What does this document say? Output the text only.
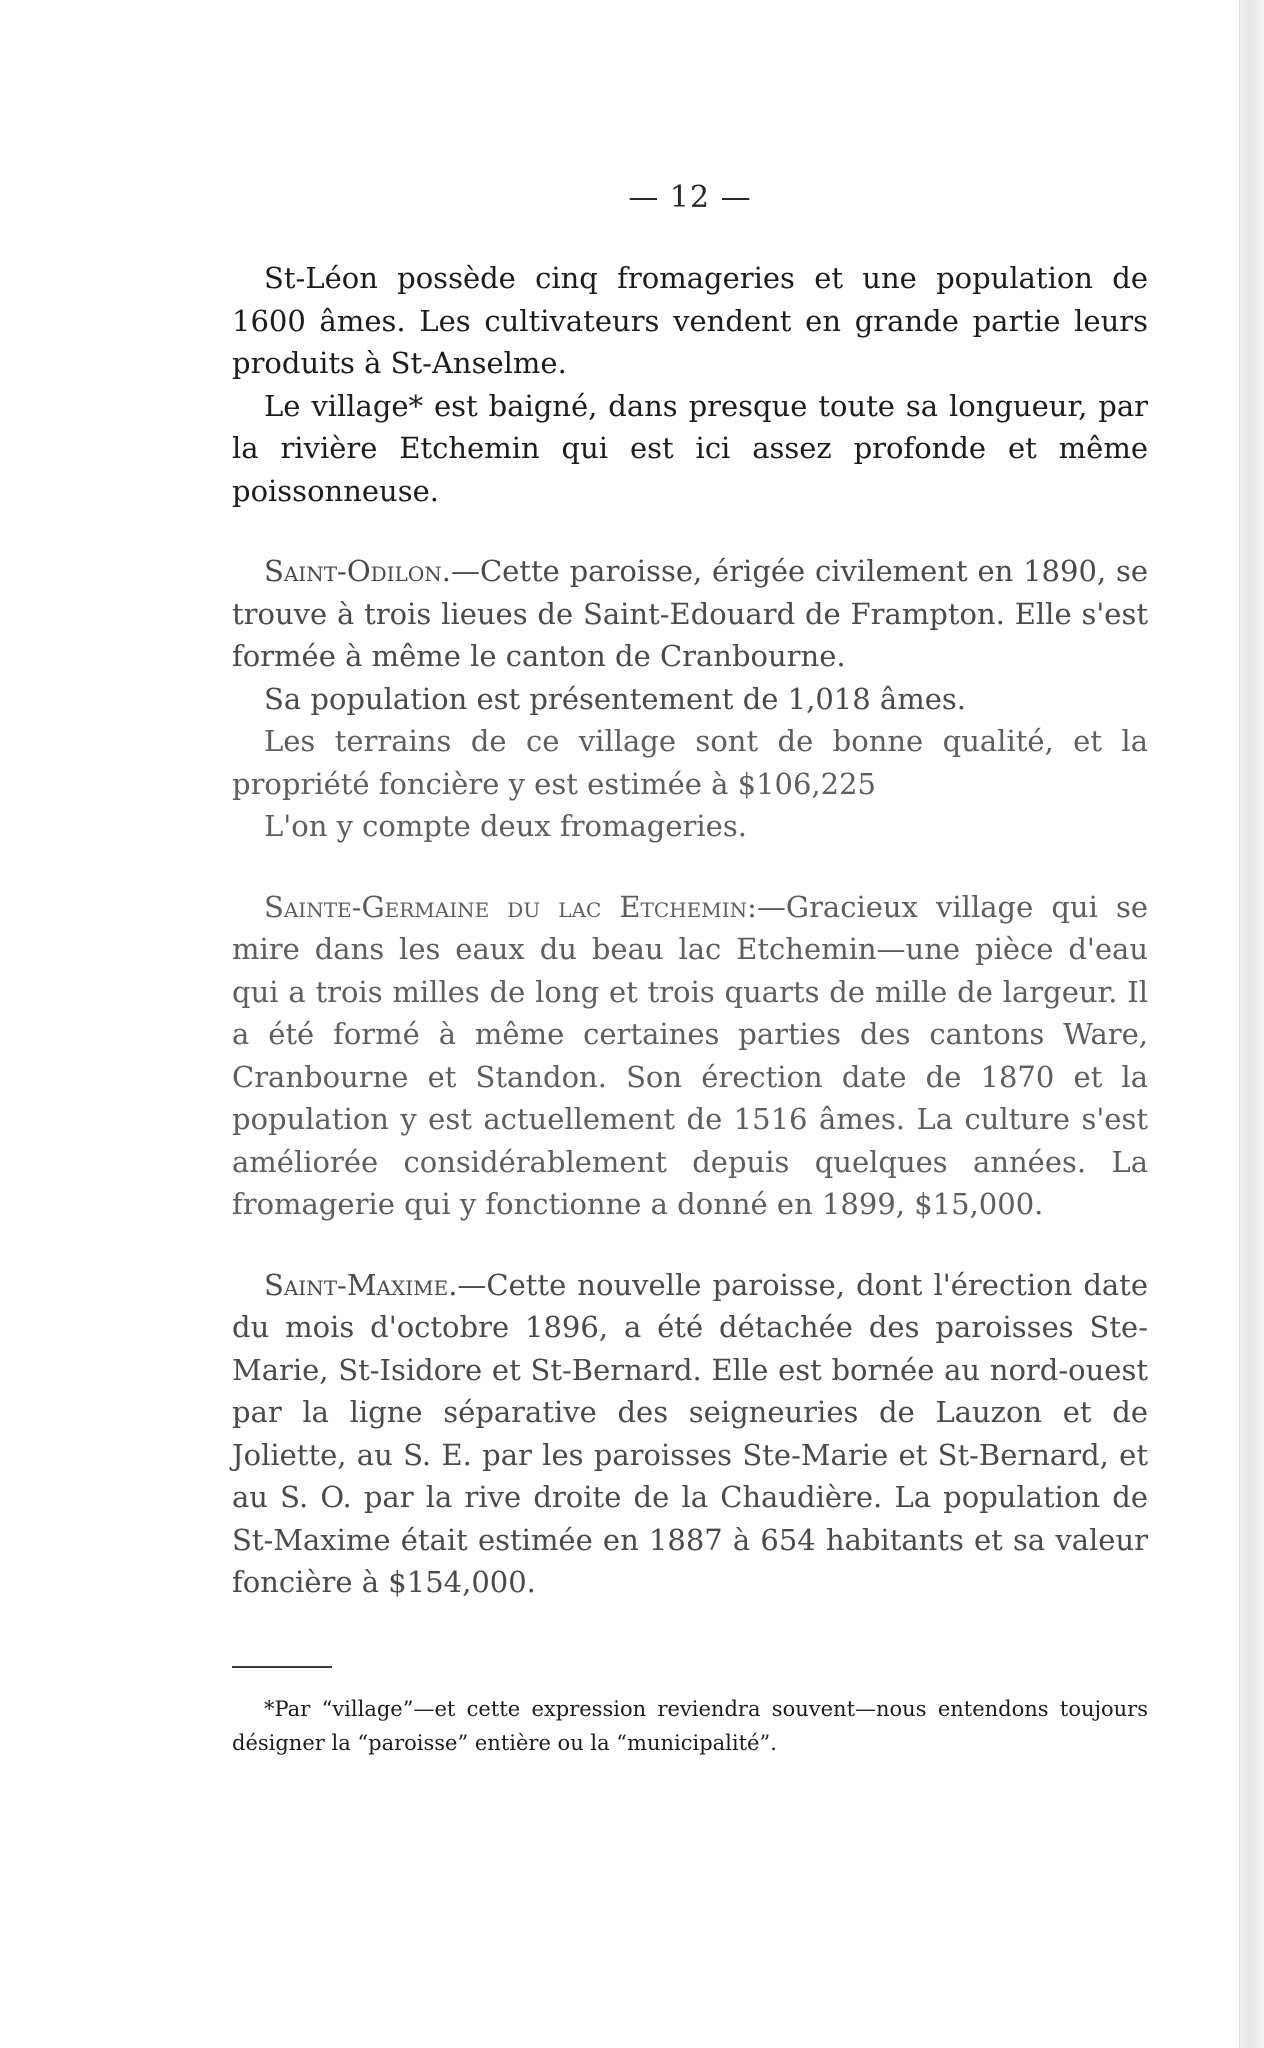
— 12 —

St-Léon possède cinq fromageries et une population de 1600 âmes. Les cultivateurs vendent en grande partie leurs produits à St-Anselme.

Le village* est baigné, dans presque toute sa longueur, par la rivière Etchemin qui est ici assez profonde et même poissonneuse.

Saint-Odilon.—Cette paroisse, érigée civilement en 1890, se trouve à trois lieues de Saint-Edouard de Frampton. Elle s'est formée à même le canton de Cranbourne.

Sa population est présentement de 1,018 âmes.

Les terrains de ce village sont de bonne qualité, et la propriété foncière y est estimée à $106,225

L'on y compte deux fromageries.

Sainte-Germaine du lac Etchemin:—Gracieux village qui se mire dans les eaux du beau lac Etchemin—une pièce d'eau qui a trois milles de long et trois quarts de mille de largeur. Il a été formé à même certaines parties des cantons Ware, Cranbourne et Standon. Son érection date de 1870 et la population y est actuellement de 1516 âmes. La culture s'est améliorée considérablement depuis quelques années. La fromagerie qui y fonctionne a donné en 1899, $15,000.

Saint-Maxime.—Cette nouvelle paroisse, dont l'érection date du mois d'octobre 1896, a été détachée des paroisses Ste-Marie, St-Isidore et St-Bernard. Elle est bornée au nord-ouest par la ligne séparative des seigneuries de Lauzon et de Joliette, au S. E. par les paroisses Ste-Marie et St-Bernard, et au S. O. par la rive droite de la Chaudière. La population de St-Maxime était estimée en 1887 à 654 habitants et sa valeur foncière à $154,000.

*Par “village”—et cette expression reviendra souvent—nous entendons toujours désigner la “paroisse” entière ou la “municipalité”.
